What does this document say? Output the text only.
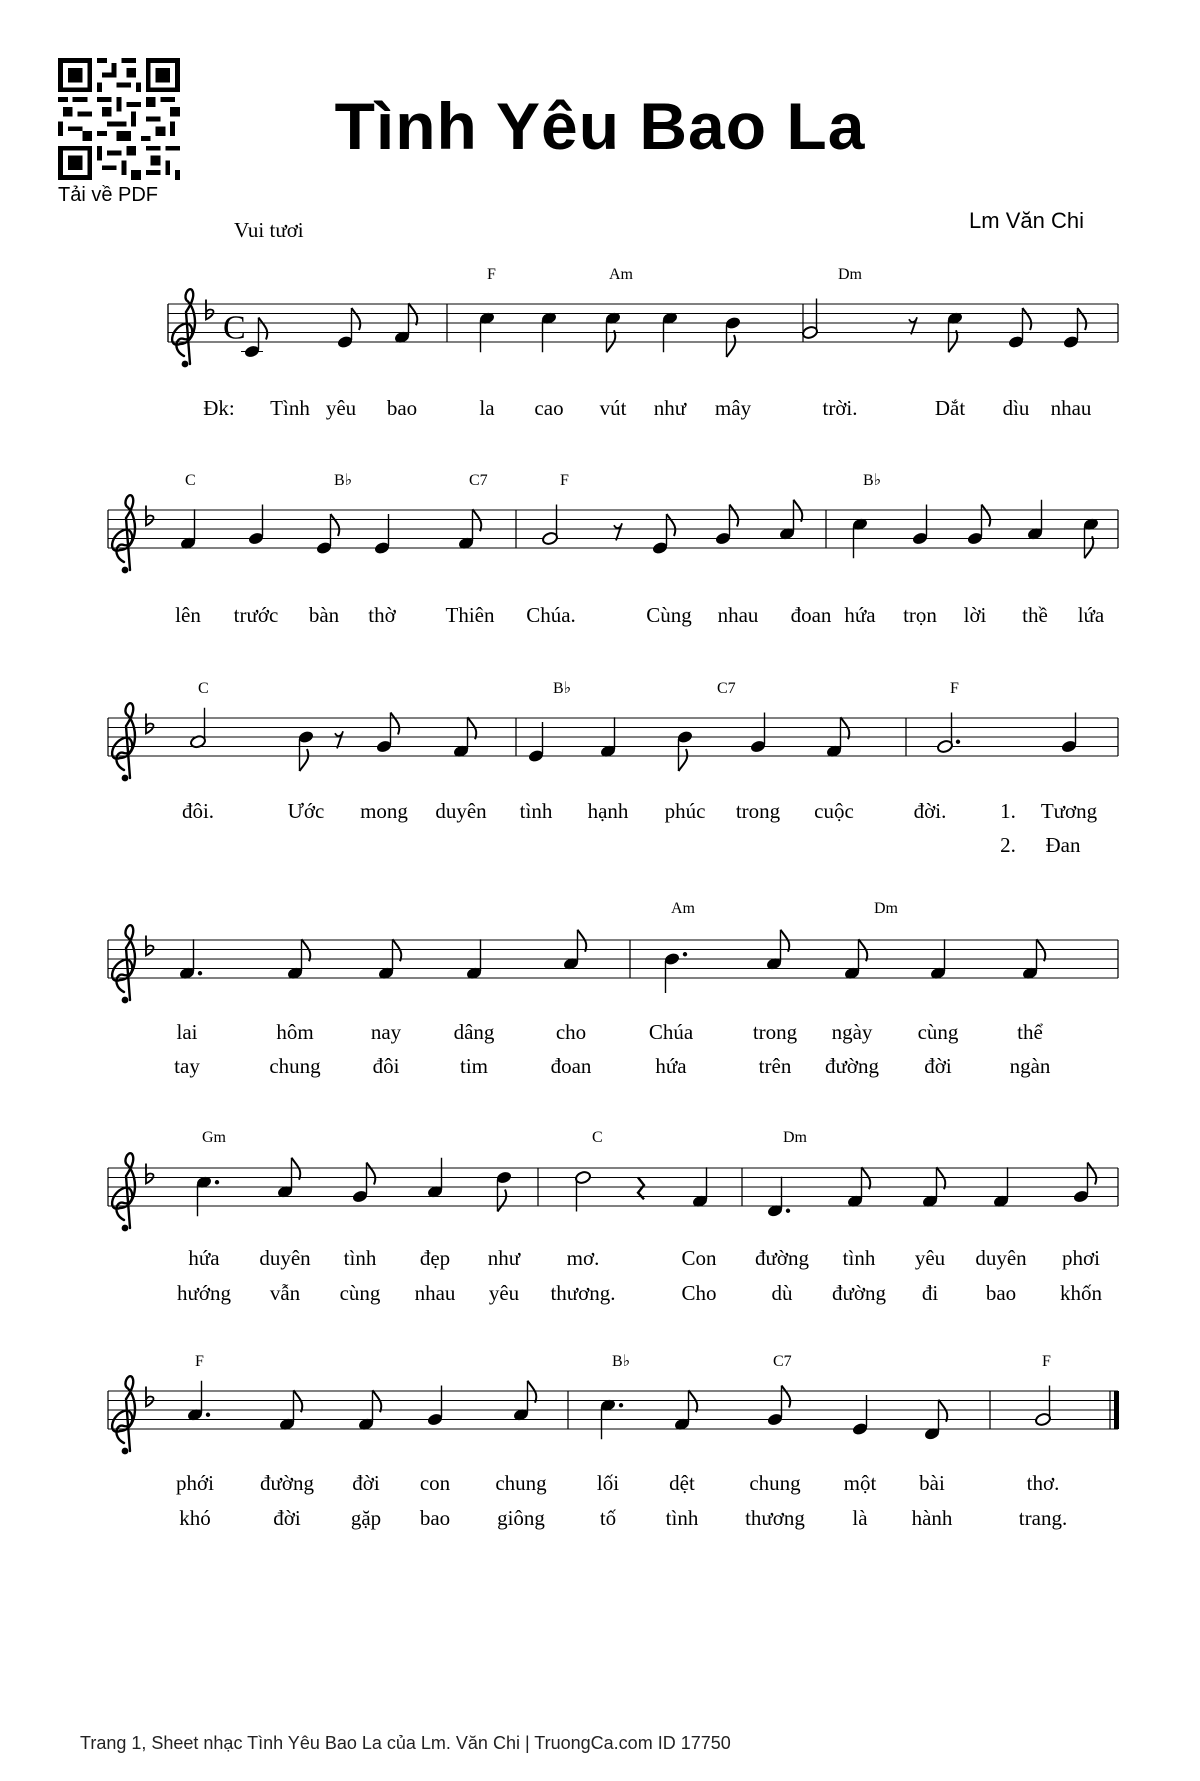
Tải về PDF
Tình Yêu Bao La
Vui tươi	Lm Văn Chi
C
F	Am	Dm
Đk: Tình yêu bao	la cao vút như mây	trời.	Dắt dìu nhau
C	B♭	C7	F	B♭
lên trước bàn thờ Thiên Chúa.	Cùng nhau đoan hứa trọn lời thề lứa
C	B♭	C7	F
đôi.	Ước mong duyên tình hạnh phúc trong cuộc	đời.	1. Tương
2. Đan
Am	Dm
lai	hôm	nay dâng	cho	Chúa	trong ngày cùng	thể
tay	chung đôi	tim	đoan	hứa	trên đường đời	ngàn
Gm	C	Dm
hứa duyên tình đẹp như mơ.	Con đường tình yêu duyên phơi
hướng vẫn cùng nhau yêu thương.	Cho	dù đường đi bao khốn
F	B♭	C7	F
phới đường đời con chung lối dệt	chung một bài	thơ.
khó	đời gặp bao giông	tố tình thương là hành	trang.
Trang 1, Sheet nhạc Tình Yêu Bao La của Lm. Văn Chi | TruongCa.com ID 17750
